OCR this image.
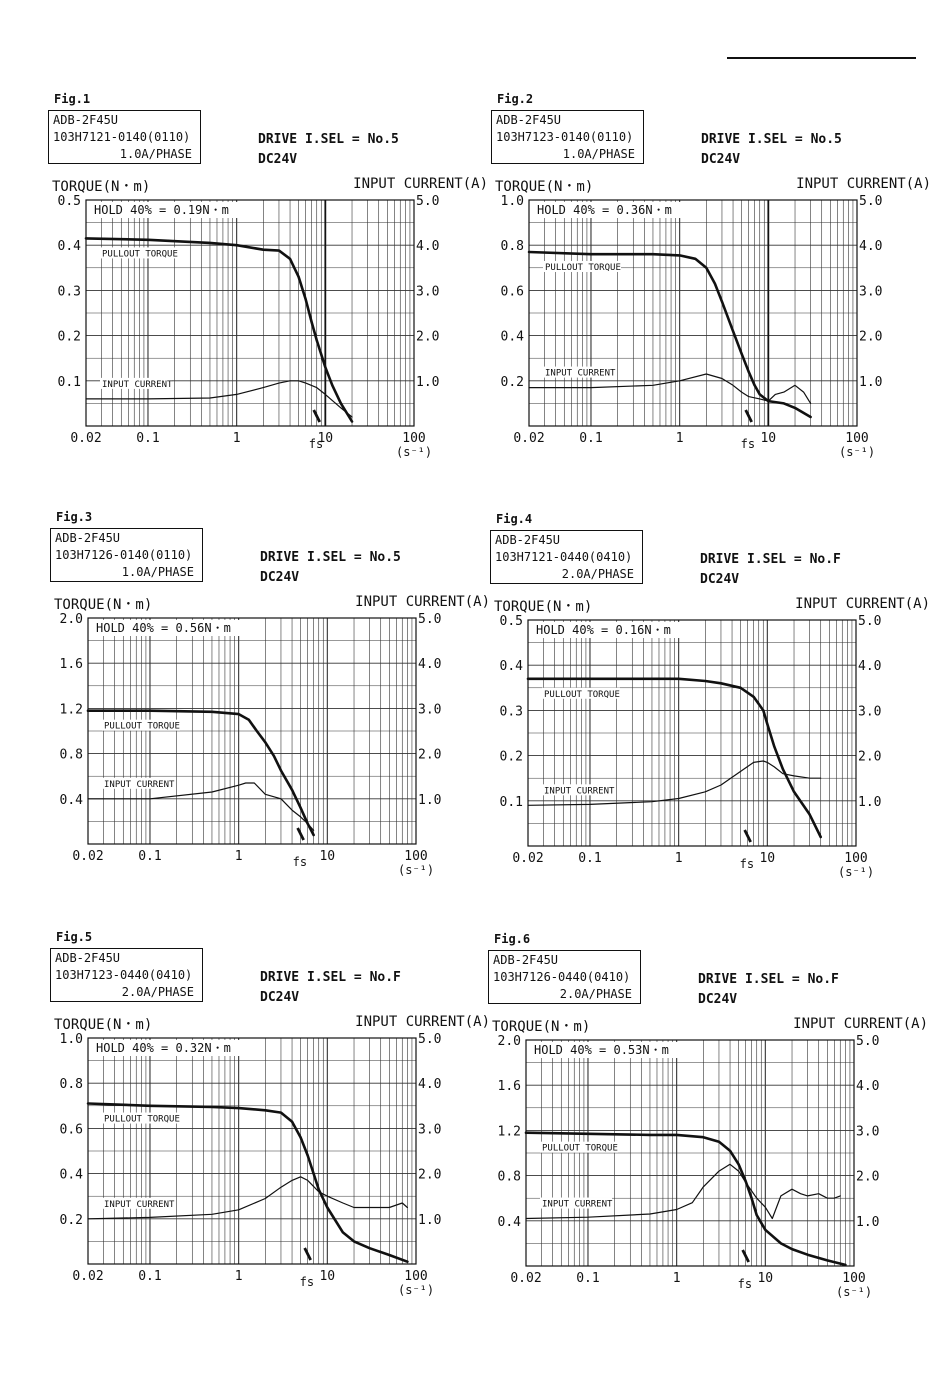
Fig.1
ADB-2F45U
103H7121-0140(0110)
1.0A/PHASE
DRIVE I.SEL = No.5
DC24V
TORQUE(N・m)	INPUT CURRENT(A)
HOLD 40% = 0.19N・m
0.1
0.2
0.3
0.4
0.5
1.0
2.0
3.0
4.0
5.0
0.02	0.1	1	10	100
(s⁻¹)
fs
PULLOUT TORQUE
INPUT CURRENT
Fig.2
ADB-2F45U
103H7123-0140(0110)
1.0A/PHASE
DRIVE I.SEL = No.5
DC24V
TORQUE(N・m)	INPUT CURRENT(A)
HOLD 40% = 0.36N・m
0.2
0.4
0.6
0.8
1.0
1.0
2.0
3.0
4.0
5.0
0.02	0.1	1	10	100
(s⁻¹)
fs
PULLOUT TORQUE
INPUT CURRENT
Fig.3
ADB-2F45U
103H7126-0140(0110)
1.0A/PHASE
DRIVE I.SEL = No.5
DC24V
TORQUE(N・m)	INPUT CURRENT(A)
HOLD 40% = 0.56N・m
0.4
0.8
1.2
1.6
2.0
1.0
2.0
3.0
4.0
5.0
0.02	0.1	1	10	100
(s⁻¹)
fs
PULLOUT TORQUE
INPUT CURRENT
Fig.4
ADB-2F45U
103H7121-0440(0410)
2.0A/PHASE
DRIVE I.SEL = No.F
DC24V
TORQUE(N・m)	INPUT CURRENT(A)
HOLD 40% = 0.16N・m
0.1
0.2
0.3
0.4
0.5
1.0
2.0
3.0
4.0
5.0
0.02	0.1	1	10	100
(s⁻¹)
fs
PULLOUT TORQUE
INPUT CURRENT
Fig.5
ADB-2F45U
103H7123-0440(0410)
2.0A/PHASE
DRIVE I.SEL = No.F
DC24V
TORQUE(N・m)	INPUT CURRENT(A)
HOLD 40% = 0.32N・m
0.2
0.4
0.6
0.8
1.0
1.0
2.0
3.0
4.0
5.0
0.02	0.1	1	10	100
(s⁻¹)
fs
PULLOUT TORQUE
INPUT CURRENT
Fig.6
ADB-2F45U
103H7126-0440(0410)
2.0A/PHASE
DRIVE I.SEL = No.F
DC24V
TORQUE(N・m)	INPUT CURRENT(A)
HOLD 40% = 0.53N・m
0.4
0.8
1.2
1.6
2.0
1.0
2.0
3.0
4.0
5.0
0.02	0.1	1	10	100
(s⁻¹)
fs
PULLOUT TORQUE
INPUT CURRENT
